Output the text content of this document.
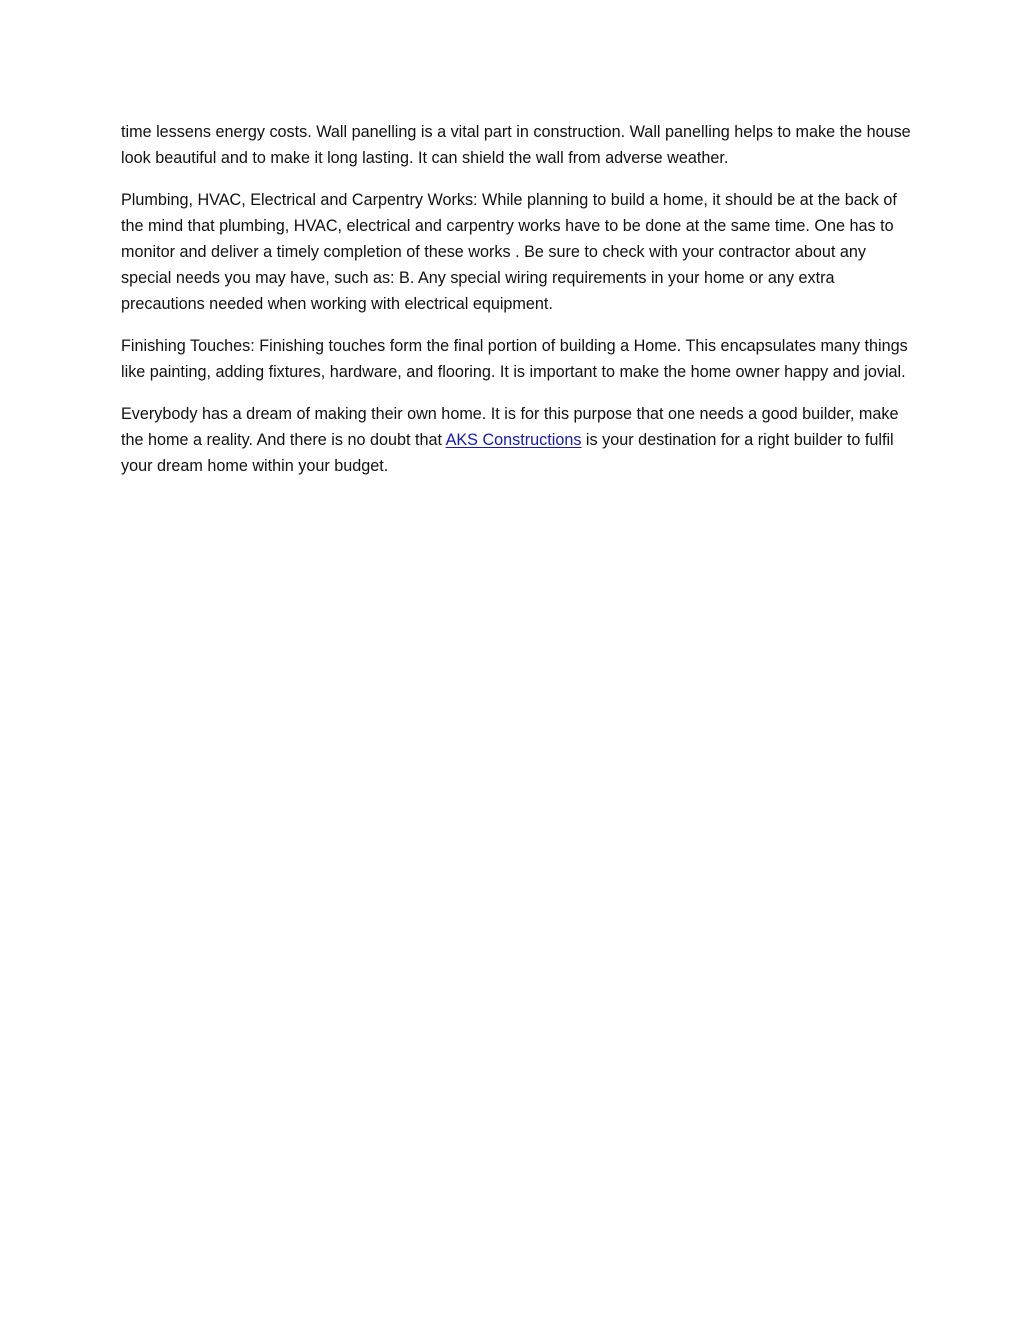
time lessens energy costs. Wall panelling is a vital part in construction. Wall panelling helps to make the house look beautiful and to make it long lasting. It can shield the wall from adverse weather.

Plumbing, HVAC, Electrical and Carpentry Works: While planning to build a home, it should be at the back of the mind that plumbing, HVAC, electrical and carpentry works have to be done at the same time. One has to monitor and deliver a timely completion of these works . Be sure to check with your contractor about any special needs you may have, such as: B. Any special wiring requirements in your home or any extra precautions needed when working with electrical equipment.

Finishing Touches: Finishing touches form the final portion of building a Home. This encapsulates many things like painting, adding fixtures, hardware, and flooring. It is important to make the home owner happy and jovial.

Everybody has a dream of making their own home. It is for this purpose that one needs a good builder, make the home a reality. And there is no doubt that AKS Constructions is your destination for a right builder to fulfil your dream home within your budget.
